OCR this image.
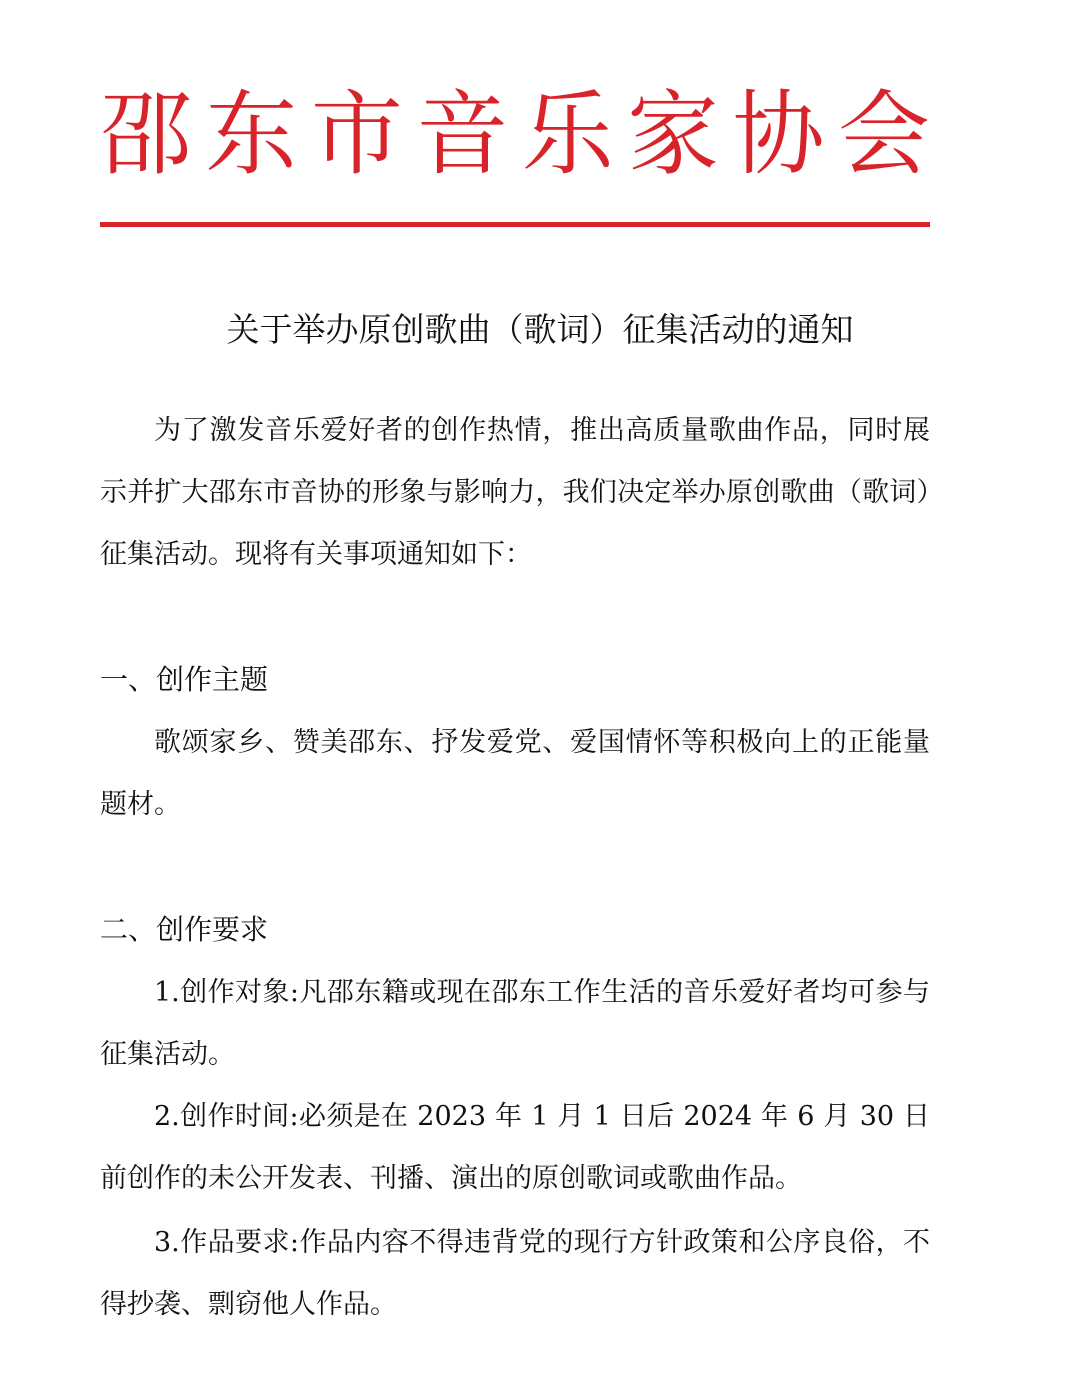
邵 东 市 音 乐 家 协 会
关于举办原创歌曲（歌词）征集活动的通知

为了激发音乐爱好者的创作热情，推出高质量歌曲作品，同时展示并扩大邵东市音协的形象与影响力，我们决定举办原创歌曲（歌词）征集活动。现将有关事项通知如下：

一、创作主题

歌颂家乡、赞美邵东、抒发爱党、爱国情怀等积极向上的正能量题材。

二、创作要求

1.创作对象:凡邵东籍或现在邵东工作生活的音乐爱好者均可参与征集活动。

2.创作时间:必须是在 2023 年 1 月 1 日后 2024 年 6 月 30 日前创作的未公开发表、刊播、演出的原创歌词或歌曲作品。

3.作品要求:作品内容不得违背党的现行方针政策和公序良俗，不得抄袭、剽窃他人作品。
